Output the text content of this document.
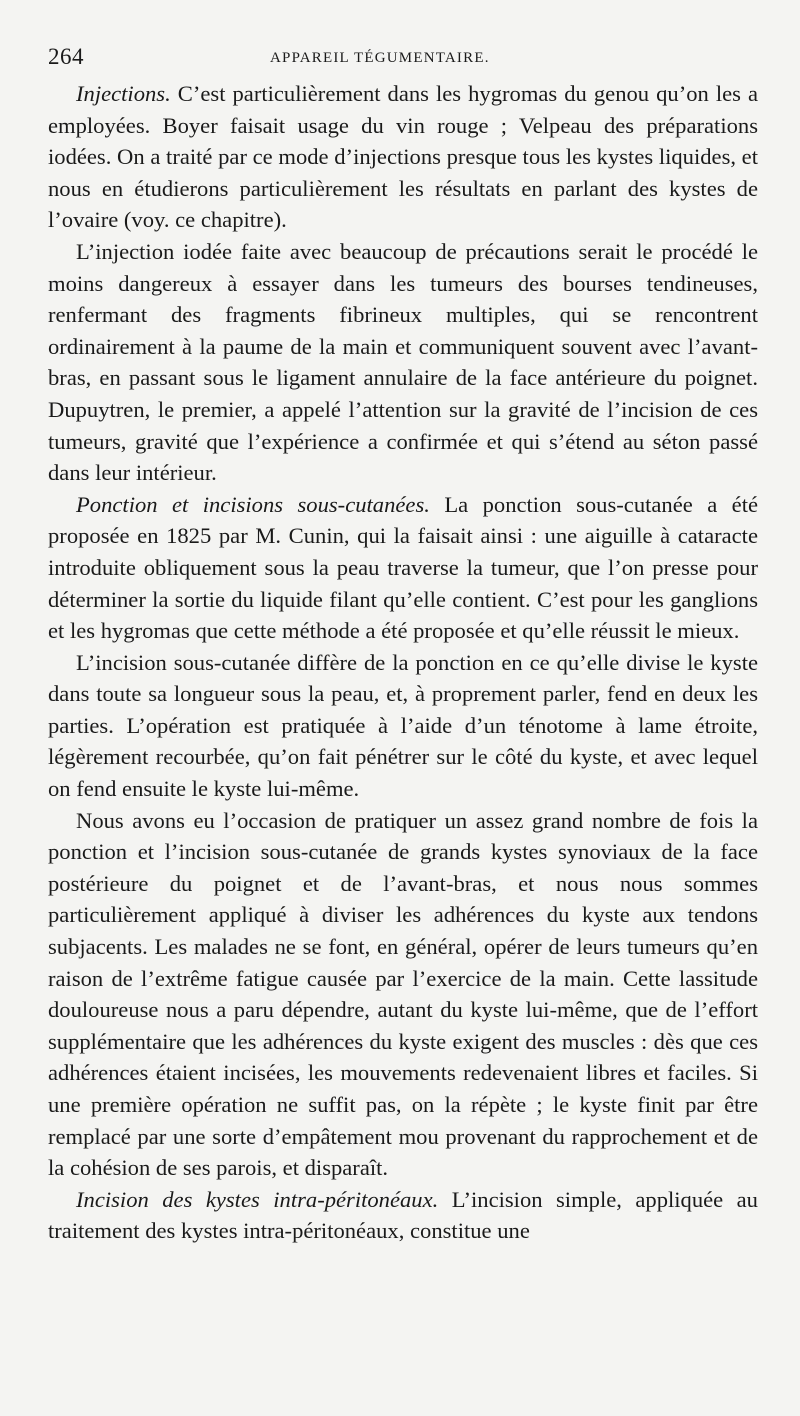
264	APPAREIL TÉGUMENTAIRE.

Injections. C’est particulièrement dans les hygromas du genou qu’on les a employées. Boyer faisait usage du vin rouge ; Velpeau des préparations iodées. On a traité par ce mode d’injections presque tous les kystes liquides, et nous en étudierons particulièrement les résultats en parlant des kystes de l’ovaire (voy. ce chapitre).

L’injection iodée faite avec beaucoup de précautions serait le procédé le moins dangereux à essayer dans les tumeurs des bourses tendineuses, renfermant des fragments fibrineux multiples, qui se rencontrent ordinairement à la paume de la main et communiquent souvent avec l’avant-bras, en passant sous le ligament annulaire de la face antérieure du poignet. Dupuytren, le premier, a appelé l’attention sur la gravité de l’incision de ces tumeurs, gravité que l’expérience a confirmée et qui s’étend au séton passé dans leur intérieur.

Ponction et incisions sous-cutanées. La ponction sous-cutanée a été proposée en 1825 par M. Cunin, qui la faisait ainsi : une aiguille à cataracte introduite obliquement sous la peau traverse la tumeur, que l’on presse pour déterminer la sortie du liquide filant qu’elle contient. C’est pour les ganglions et les hygromas que cette méthode a été proposée et qu’elle réussit le mieux.

L’incision sous-cutanée diffère de la ponction en ce qu’elle divise le kyste dans toute sa longueur sous la peau, et, à proprement parler, fend en deux les parties. L’opération est pratiquée à l’aide d’un ténotome à lame étroite, légèrement recourbée, qu’on fait pénétrer sur le côté du kyste, et avec lequel on fend ensuite le kyste lui-même.

Nous avons eu l’occasion de pratiquer un assez grand nombre de fois la ponction et l’incision sous-cutanée de grands kystes synoviaux de la face postérieure du poignet et de l’avant-bras, et nous nous sommes particulièrement appliqué à diviser les adhérences du kyste aux tendons subjacents. Les malades ne se font, en général, opérer de leurs tumeurs qu’en raison de l’extrême fatigue causée par l’exercice de la main. Cette lassitude douloureuse nous a paru dépendre, autant du kyste lui-même, que de l’effort supplémentaire que les adhérences du kyste exigent des muscles : dès que ces adhérences étaient incisées, les mouvements redevenaient libres et faciles. Si une première opération ne suffit pas, on la répète ; le kyste finit par être remplacé par une sorte d’empâtement mou provenant du rapprochement et de la cohésion de ses parois, et disparaît.

Incision des kystes intra-péritonéaux. L’incision simple, appliquée au traitement des kystes intra-péritonéaux, constitue une
